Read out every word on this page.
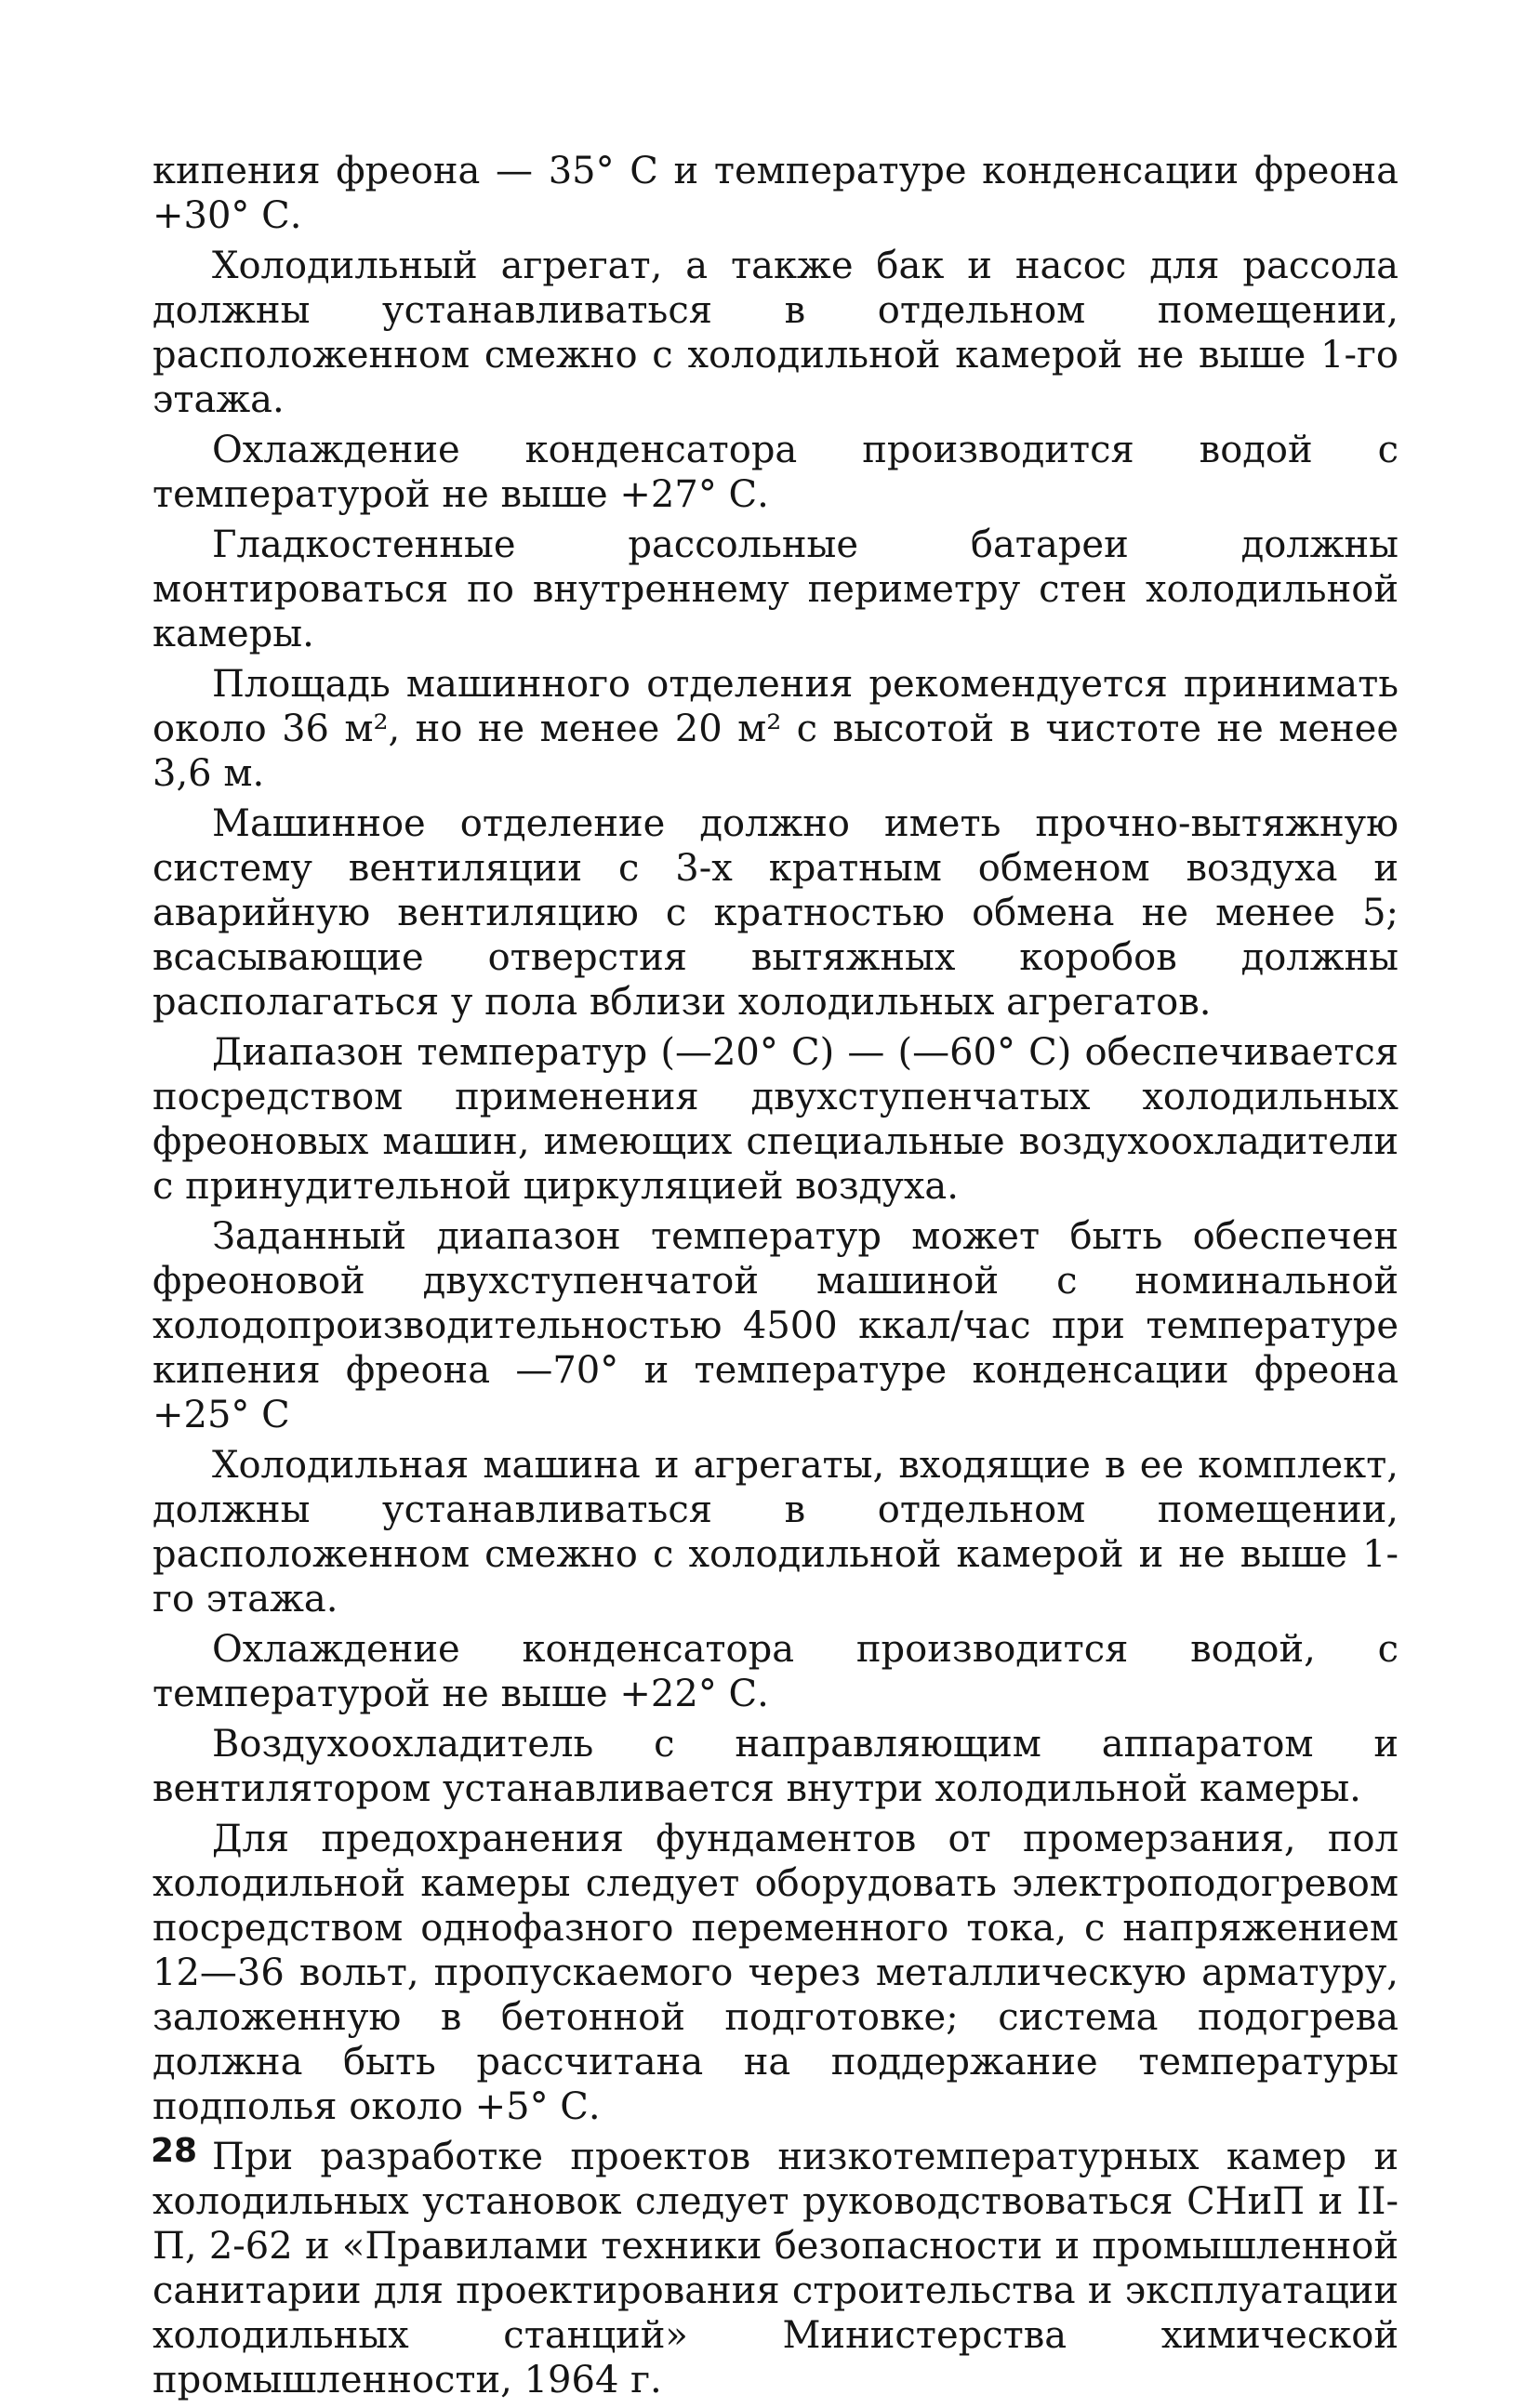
кипения фреона — 35° С и температуре конденсации фреона +30° С.

Холодильный агрегат, а также бак и насос для рассола должны устанавливаться в отдельном помещении, расположенном смежно с холодильной камерой не выше 1-го этажа.

Охлаждение конденсатора производится водой с температурой не выше +27° С.

Гладкостенные рассольные батареи должны монтироваться по внутреннему периметру стен холодильной камеры.

Площадь машинного отделения рекомендуется принимать около 36 м², но не менее 20 м² с высотой в чистоте не менее 3,6 м.

Машинное отделение должно иметь прочно-вытяжную систему вентиляции с 3-х кратным обменом воздуха и аварийную вентиляцию с кратностью обмена не менее 5; всасывающие отверстия вытяжных коробов должны располагаться у пола вблизи холодильных агрегатов.

Диапазон температур (—20° С) — (—60° С) обеспечивается посредством применения двухступенчатых холодильных фреоновых машин, имеющих специальные воздухоохладители с принудительной циркуляцией воздуха.

Заданный диапазон температур может быть обеспечен фреоновой двухступенчатой машиной с номинальной холодопроизводительностью 4500 ккал/час при температуре кипения фреона —70° и температуре конденсации фреона +25° С

Холодильная машина и агрегаты, входящие в ее комплект, должны устанавливаться в отдельном помещении, расположенном смежно с холодильной камерой и не выше 1-го этажа.

Охлаждение конденсатора производится водой, с температурой не выше +22° С.

Воздухоохладитель с направляющим аппаратом и вентилятором устанавливается внутри холодильной камеры.

Для предохранения фундаментов от промерзания, пол холодильной камеры следует оборудовать электроподогревом посредством однофазного переменного тока, с напряжением 12—36 вольт, пропускаемого через металлическую арматуру, заложенную в бетонной подготовке; система подогрева должна быть рассчитана на поддержание температуры подполья около +5° С.

При разработке проектов низкотемпературных камер и холодильных установок следует руководствоваться СНиП и II-П, 2-62 и «Правилами техники безопасности и промышленной санитарии для проектирования строительства и эксплуатации холодильных станций» Министерства химической промышленности, 1964 г.

28
